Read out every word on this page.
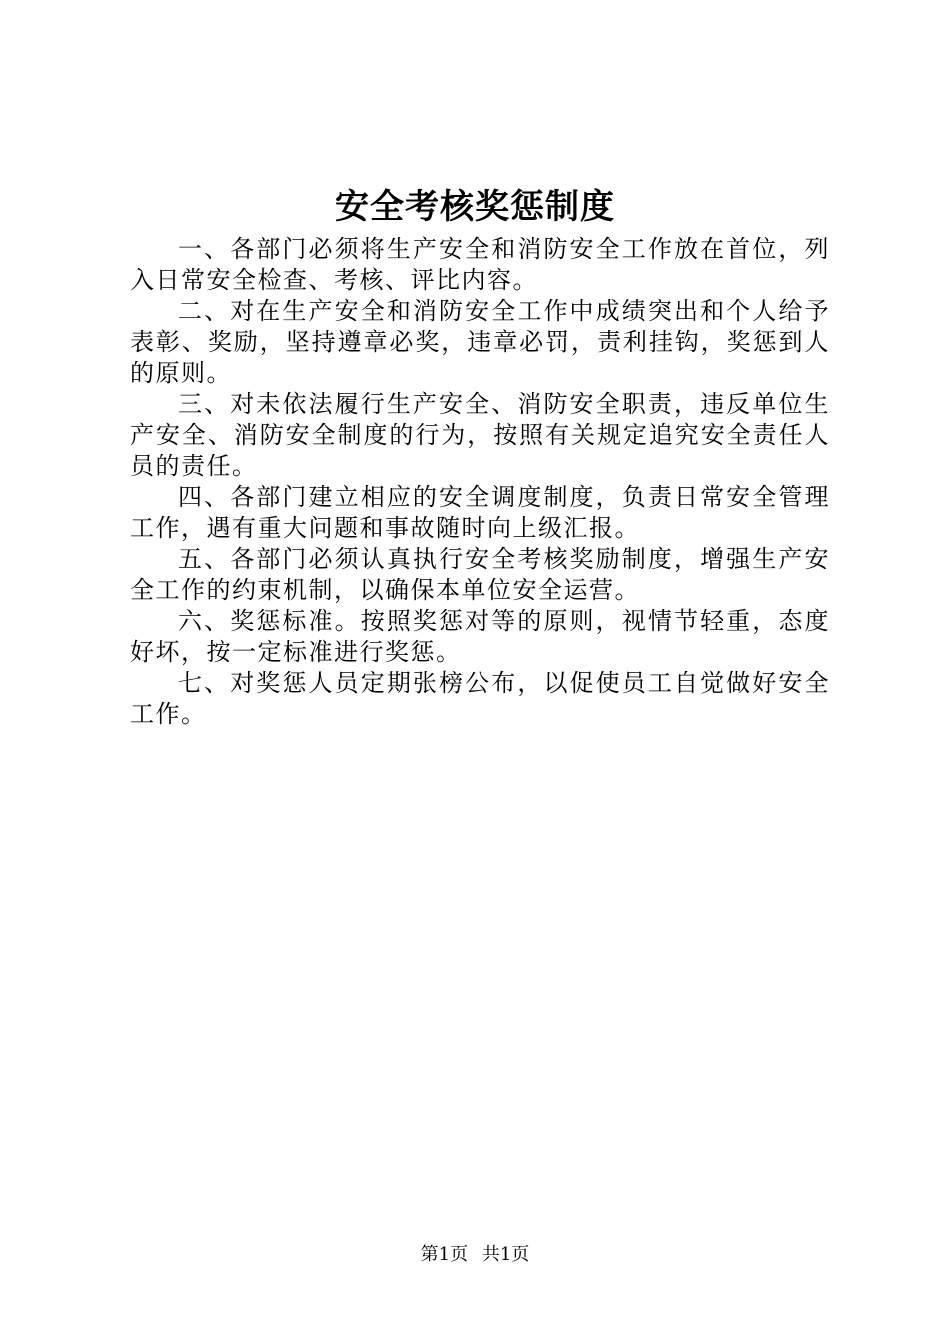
安全考核奖惩制度

一、各部门必须将生产安全和消防安全工作放在首位，列入日常安全检查、考核、评比内容。

二、对在生产安全和消防安全工作中成绩突出和个人给予表彰、奖励，坚持遵章必奖，违章必罚，责利挂钩，奖惩到人的原则。

三、对未依法履行生产安全、消防安全职责，违反单位生产安全、消防安全制度的行为，按照有关规定追究安全责任人员的责任。

四、各部门建立相应的安全调度制度，负责日常安全管理工作，遇有重大问题和事故随时向上级汇报。

五、各部门必须认真执行安全考核奖励制度，增强生产安全工作的约束机制，以确保本单位安全运营。

六、奖惩标准。按照奖惩对等的原则，视情节轻重，态度好坏，按一定标准进行奖惩。

七、对奖惩人员定期张榜公布，以促使员工自觉做好安全工作。

第1页 共1页
